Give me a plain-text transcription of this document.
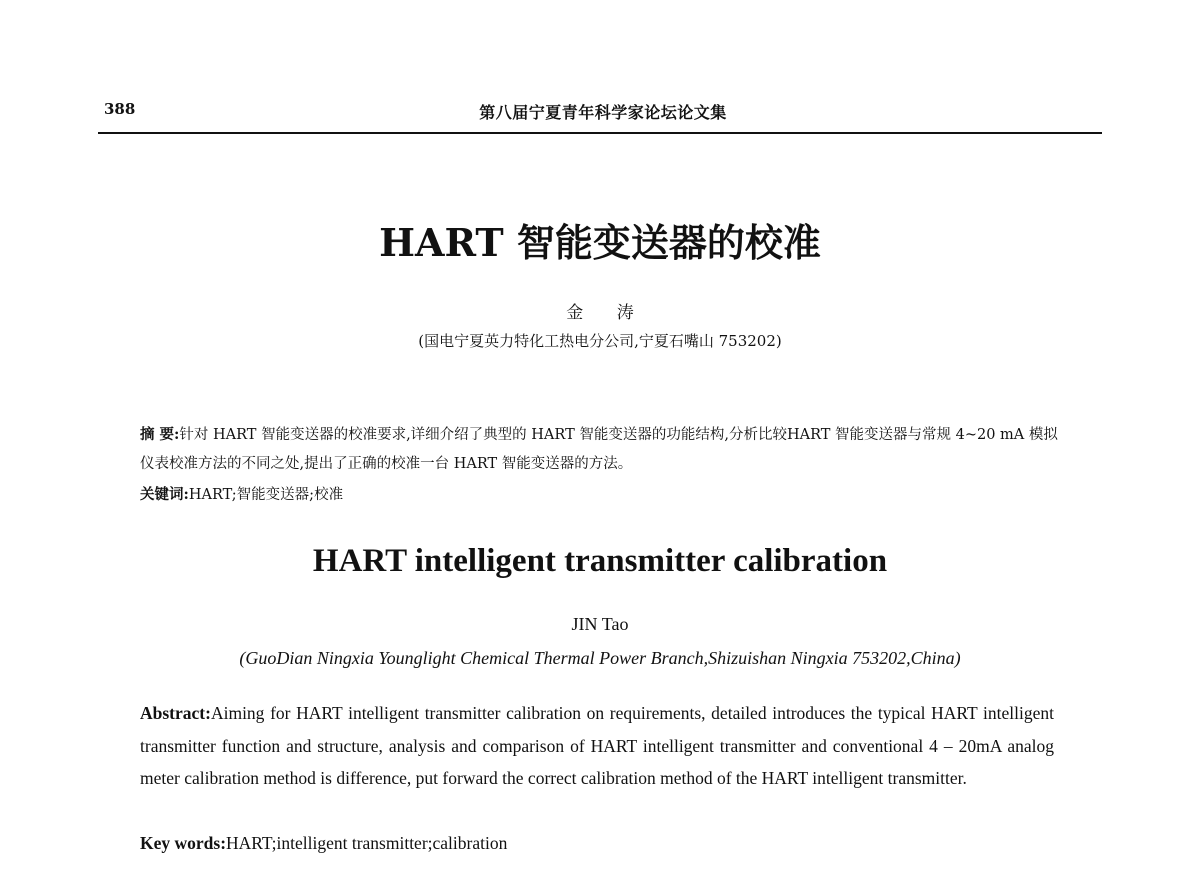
388	第八届宁夏青年科学家论坛论文集
HART 智能变送器的校准
金 涛
(国电宁夏英力特化工热电分公司,宁夏石嘴山 753202)
摘 要:针对 HART 智能变送器的校准要求,详细介绍了典型的 HART 智能变送器的功能结构,分析比较HART 智能变送器与常规 4~20 mA 模拟仪表校准方法的不同之处,提出了正确的校准一台 HART 智能变送器的方法。
关键词:HART;智能变送器;校准
HART intelligent transmitter calibration
JIN Tao
(GuoDian Ningxia Younglight Chemical Thermal Power Branch,Shizuishan Ningxia 753202,China)
Abstract:Aiming for HART intelligent transmitter calibration on requirements, detailed introduces the typical HART intelligent transmitter function and structure, analysis and comparison of HART intelligent transmitter and conventional 4 – 20mA analog meter calibration method is difference, put forward the correct calibration method of the HART intelligent transmitter.
Key words:HART;intelligent transmitter;calibration
